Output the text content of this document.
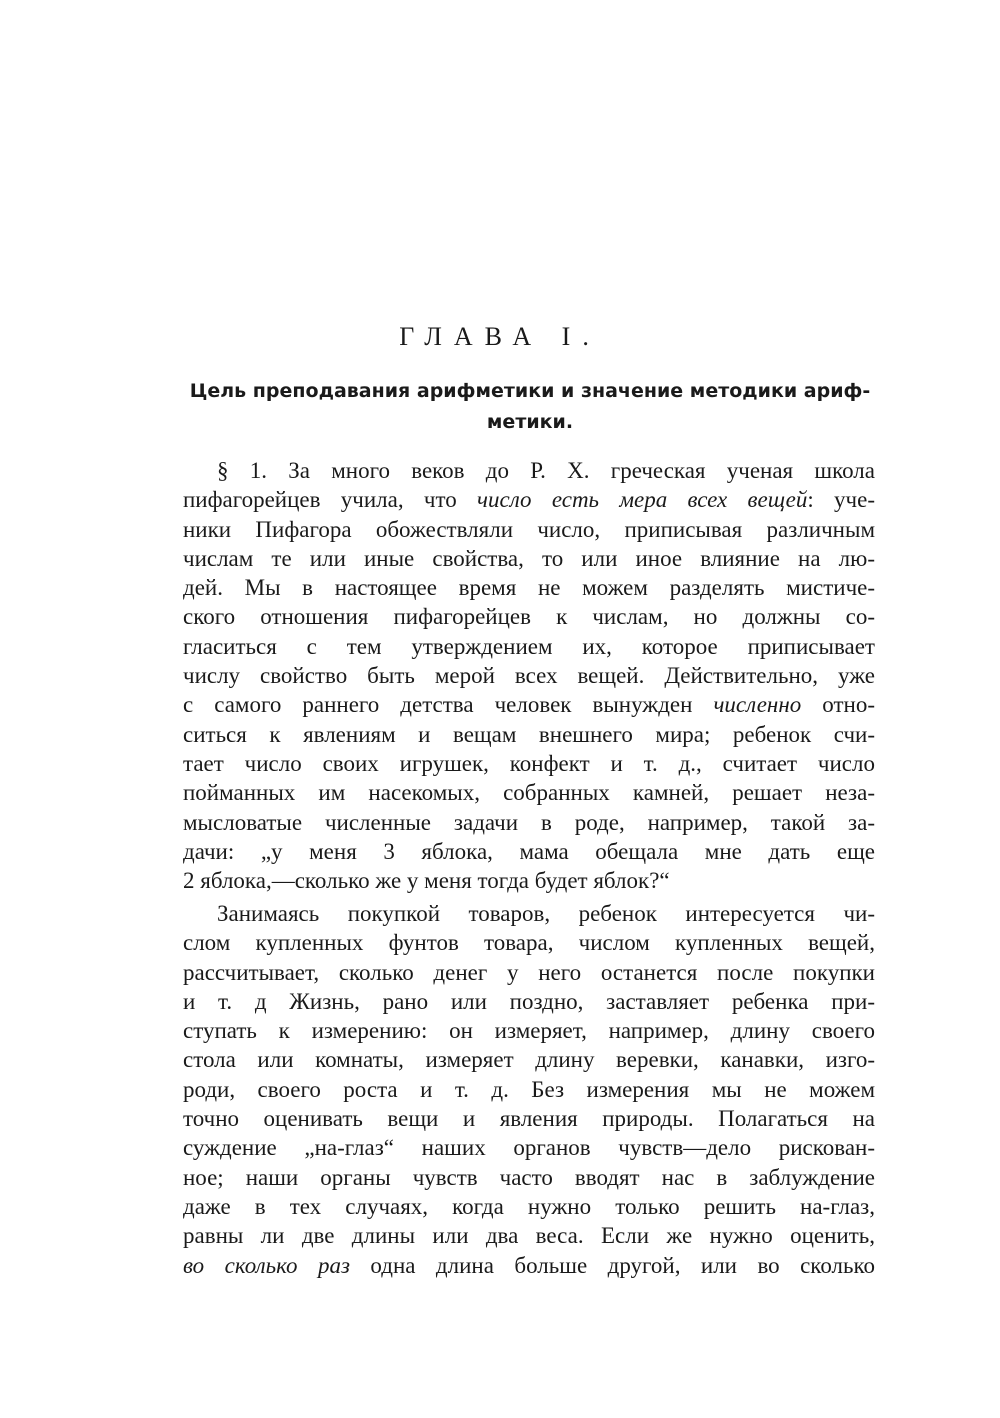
ГЛАВА I.
Цель преподавания арифметики и значение методики ариф-
метики.
§ 1. За много веков до Р. Х. греческая ученая школа
пифагорейцев учила, что число есть мера всех вещей: уче-
ники Пифагора обожествляли число, приписывая различным
числам те или иные свойства, то или иное влияние на лю-
дей. Мы в настоящее время не можем разделять мистиче-
ского отношения пифагорейцев к числам, но должны со-
гласиться с тем утверждением их, которое приписывает
числу свойство быть мерой всех вещей. Действительно, уже
с самого раннего детства человек вынужден численно отно-
ситься к явлениям и вещам внешнего мира; ребенок счи-
тает число своих игрушек, конфект и т. д., считает число
пойманных им насекомых, собранных камней, решает неза-
мысловатые численные задачи в роде, например, такой за-
дачи: „у меня 3 яблока, мама обещала мне дать еще
2 яблока,—сколько же у меня тогда будет яблок?“
Занимаясь покупкой товаров, ребенок интересуется чи-
слом купленных фунтов товара, числом купленных вещей,
рассчитывает, сколько денег у него останется после покупки
и т. д Жизнь, рано или поздно, заставляет ребенка при-
ступать к измерению: он измеряет, например, длину своего
стола или комнаты, измеряет длину веревки, канавки, изго-
роди, своего роста и т. д. Без измерения мы не можем
точно оценивать вещи и явления природы. Полагаться на
суждение „на-глаз“ наших органов чувств—дело рискован-
ное; наши органы чувств часто вводят нас в заблуждение
даже в тех случаях, когда нужно только решить на-глаз,
равны ли две длины или два веса. Если же нужно оценить,
во сколько раз одна длина больше другой, или во сколько
